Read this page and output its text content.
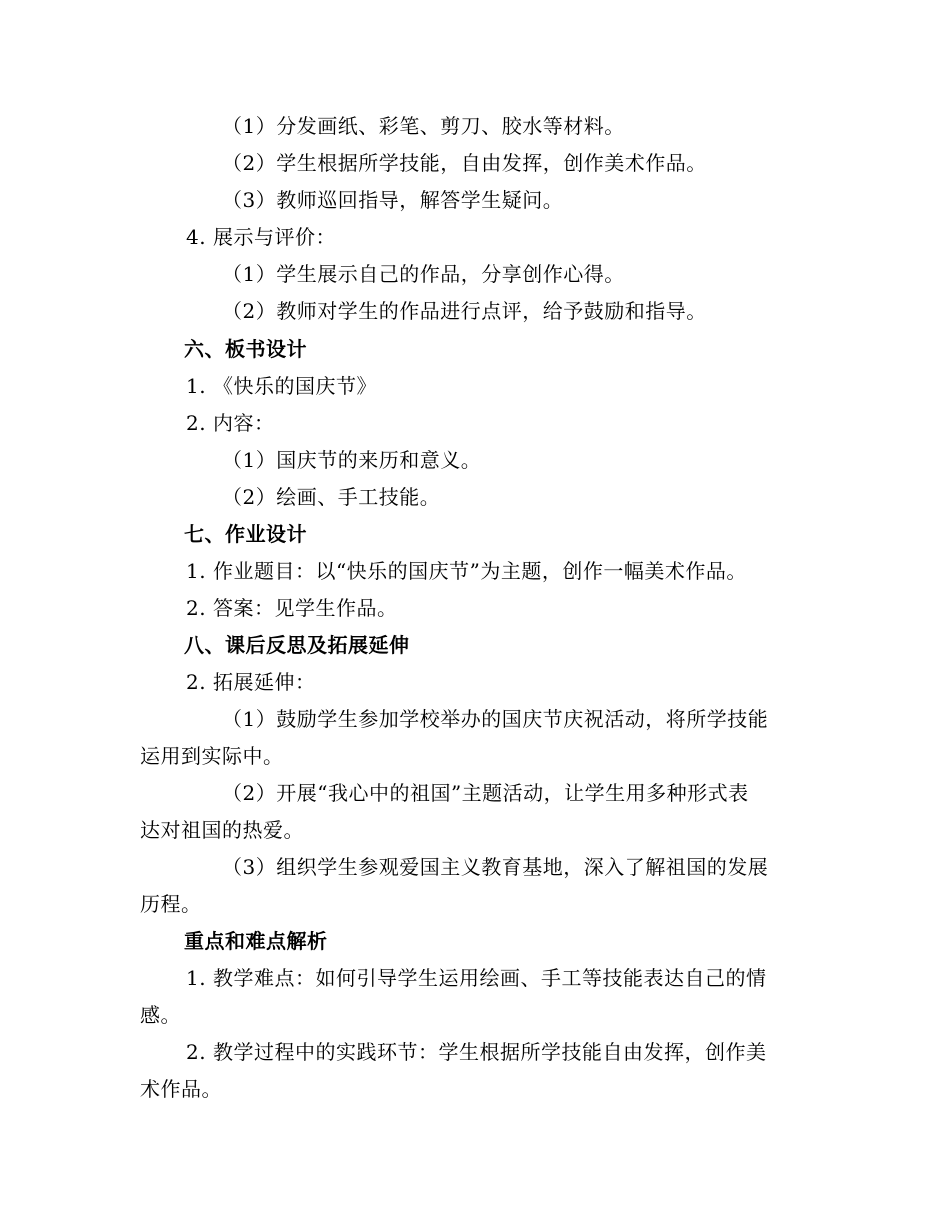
（1）分发画纸、彩笔、剪刀、胶水等材料。
（2）学生根据所学技能，自由发挥，创作美术作品。
（3）教师巡回指导，解答学生疑问。
4. 展示与评价：
（1）学生展示自己的作品，分享创作心得。
（2）教师对学生的作品进行点评，给予鼓励和指导。
六、板书设计
1. 《快乐的国庆节》
2. 内容：
（1）国庆节的来历和意义。
（2）绘画、手工技能。
七、作业设计
1. 作业题目：以“快乐的国庆节”为主题，创作一幅美术作品。
2. 答案：见学生作品。
八、课后反思及拓展延伸
2. 拓展延伸：
（1）鼓励学生参加学校举办的国庆节庆祝活动，将所学技能
运用到实际中。
（2）开展“我心中的祖国”主题活动，让学生用多种形式表
达对祖国的热爱。
（3）组织学生参观爱国主义教育基地，深入了解祖国的发展
历程。
重点和难点解析
1. 教学难点：如何引导学生运用绘画、手工等技能表达自己的情
感。
2. 教学过程中的实践环节：学生根据所学技能自由发挥，创作美
术作品。
